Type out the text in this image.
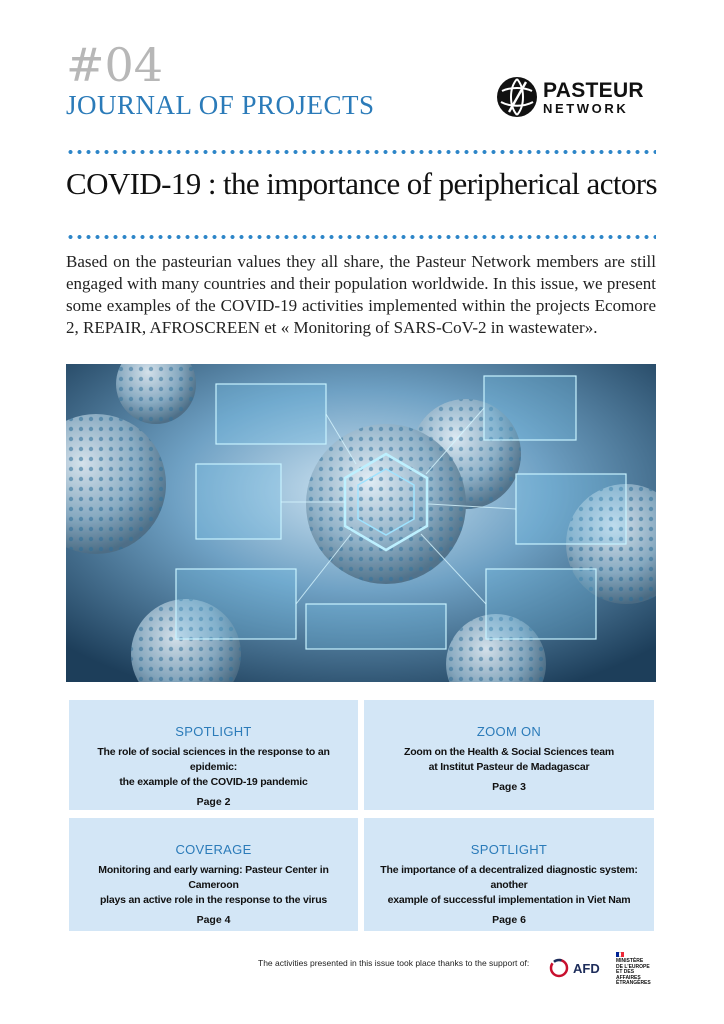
#04
JOURNAL OF PROJECTS	PASTEUR
NETWORK
COVID-19 : the importance of peripherical actors
Based on the pasteurian values they all share, the Pasteur Network members are still engaged with many countries and their population worldwide. In this issue, we present some examples of the COVID-19 activities implemented within the projects Ecomore 2, REPAIR, AFROSCREEN et « Monitoring of SARS-CoV-2 in wastewater».
SPOTLIGHT
The role of social sciences in the response to an epidemic:
the example of the COVID-19 pandemic
Page 2
ZOOM ON
Zoom on the Health & Social Sciences team
at Institut Pasteur de Madagascar
Page 3
COVERAGE
Monitoring and early warning: Pasteur Center in Cameroon
plays an active role in the response to the virus
Page 4
SPOTLIGHT
The importance of a decentralized diagnostic system: another
example of successful implementation in Viet Nam
Page 6
The activities presented in this issue took place thanks to the support of:	AFD	MINISTÈRE
DE L'EUROPE
ET DES AFFAIRES
ÉTRANGÈRES
